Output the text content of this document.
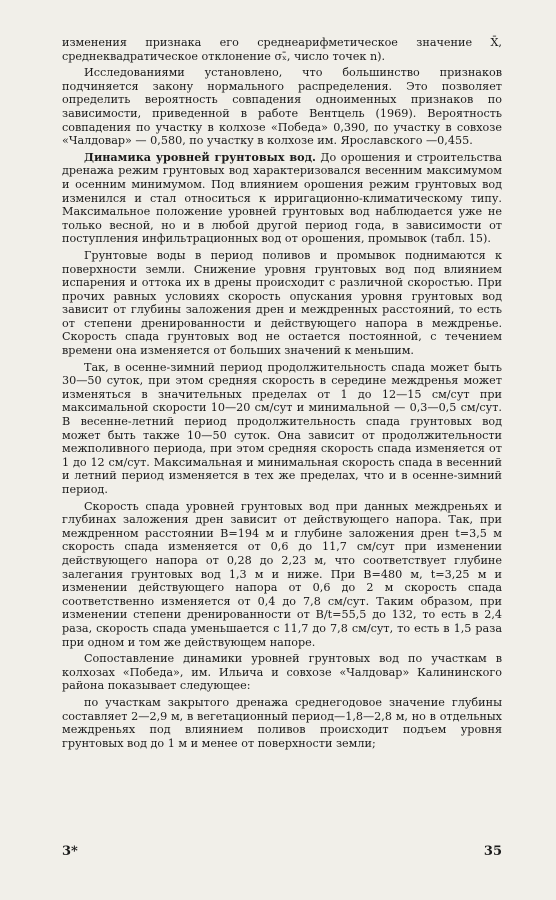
изменения признака его среднеарифметическое значение X̄, среднеквадратическое отклонение σₓ̄, число точек n).

Исследованиями установлено, что большинство признаков подчиняется закону нормального распределения. Это позволяет определить вероятность совпадения одноименных признаков по зависимости, приведенной в работе Вентцель (1969). Вероятность совпадения по участку в колхозе «Победа» 0,390, по участку в совхозе «Чалдовар» — 0,580, по участку в колхозе им. Ярославского —0,455.

Динамика уровней грунтовых вод. До орошения и строительства дренажа режим грунтовых вод характеризовался весенним максимумом и осенним минимумом. Под влиянием орошения режим грунтовых вод изменился и стал относиться к ирригационно-климатическому типу. Максимальное положение уровней грунтовых вод наблюдается уже не только весной, но и в любой другой период года, в зависимости от поступления инфильтрационных вод от орошения, промывок (табл. 15).

Грунтовые воды в период поливов и промывок поднимаются к поверхности земли. Снижение уровня грунтовых вод под влиянием испарения и оттока их в дрены происходит с различной скоростью. При прочих равных условиях скорость опускания уровня грунтовых вод зависит от глубины заложения дрен и междренных расстояний, то есть от степени дренированности и действующего напора в междренье. Скорость спада грунтовых вод не остается постоянной, с течением времени она изменяется от больших значений к меньшим.

Так, в осенне-зимний период продолжительность спада может быть 30—50 суток, при этом средняя скорость в середине междренья может изменяться в значительных пределах от 1 до 12—15 см/сут при максимальной скорости 10—20 см/сут и минимальной — 0,3—0,5 см/сут. В весенне-летний период продолжительность спада грунтовых вод может быть также 10—50 суток. Она зависит от продолжительности межполивного периода, при этом средняя скорость спада изменяется от 1 до 12 см/сут. Максимальная и минимальная скорость спада в весенний и летний период изменяется в тех же пределах, что и в осенне-зимний период.

Скорость спада уровней грунтовых вод при данных междреньях и глубинах заложения дрен зависит от действующего напора. Так, при междренном расстоянии B=194 м и глубине заложения дрен t=3,5 м скорость спада изменяется от 0,6 до 11,7 см/сут при изменении действующего напора от 0,28 до 2,23 м, что соответствует глубине залегания грунтовых вод 1,3 м и ниже. При B=480 м, t=3,25 м и изменении действующего напора от 0,6 до 2 м скорость спада соответственно изменяется от 0,4 до 7,8 см/сут. Таким образом, при изменении степени дренированности от B/t=55,5 до 132, то есть в 2,4 раза, скорость спада уменьшается с 11,7 до 7,8 см/сут, то есть в 1,5 раза при одном и том же действующем напоре.

Сопоставление динамики уровней грунтовых вод по участкам в колхозах «Победа», им. Ильича и совхозе «Чалдовар» Калининского района показывает следующее:

по участкам закрытого дренажа среднегодовое значение глубины составляет 2—2,9 м, в вегетационный период—1,8—2,8 м, но в отдельных междреньях под влиянием поливов происходит подъем уровня грунтовых вод до 1 м и менее от поверхности земли;

3*	35
